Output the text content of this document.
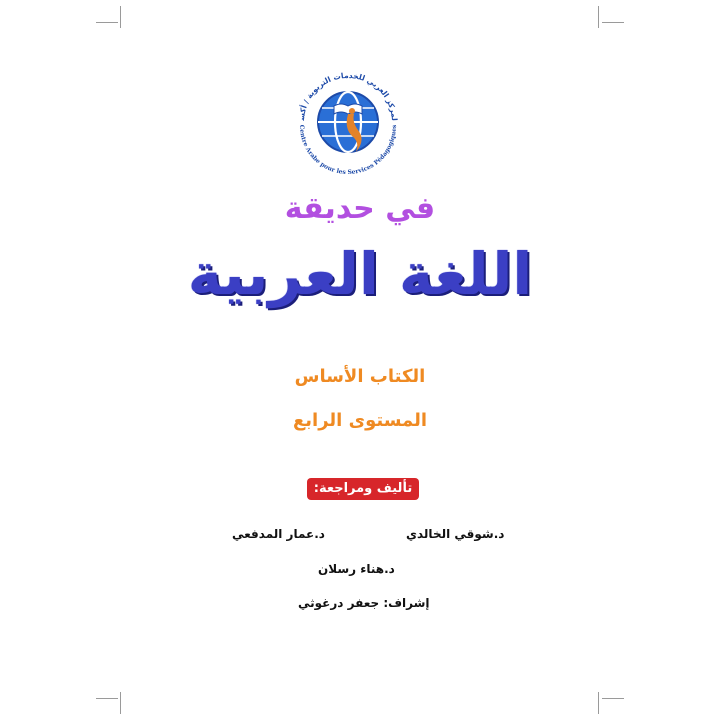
لمركز العربي للخدمات التربوية / أكس
Centre Arabe pour les Services Pédagogiques
في حديقة
اللغة العربية
الكتاب الأساس
المستوى الرابع
تأليف ومراجعة:
د.شوقي الخالدي
د.عمار المدفعي
د.هناء رسلان
إشراف: جعفر درغوثي
